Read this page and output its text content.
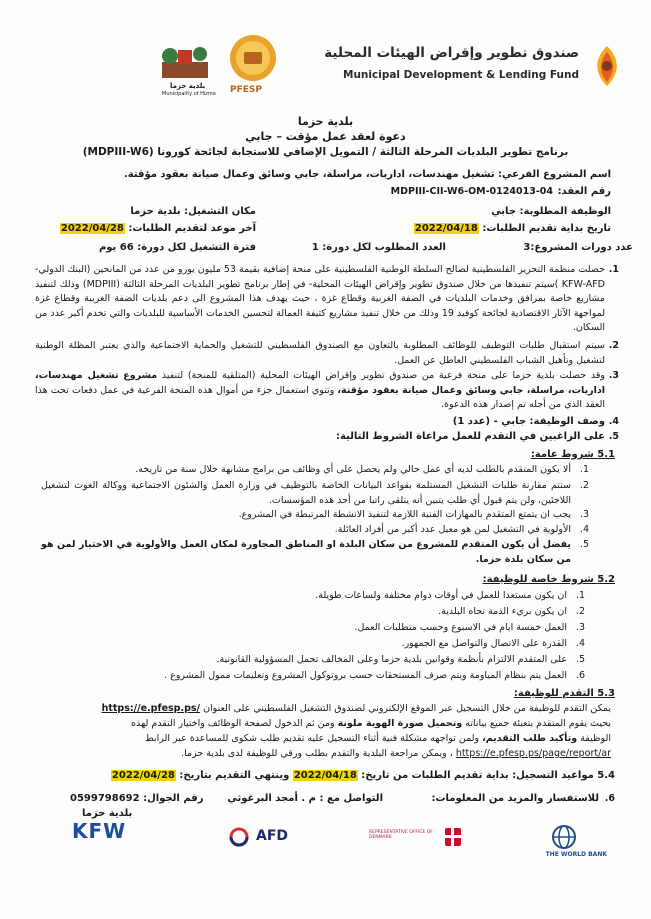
صندوق تطوير وإقراض الهيئات المحلية
Municipal Development & Lending Fund
PFESP
بلدية حزما
Municipality of Hizma
بلدية حزما
دعوة لعقد عمل مؤقت – جابي
برنامج تطوير البلديات المرحلة الثالثة / التمويل الإضافي للاستجابة لجائحة كورونا (MDPIII-W6)
اسم المشروع الفرعي: تشغيل مهندسات، اداريات، مراسلة، جابي وسائق وعمال صيانة بعقود مؤقتة.
رقم العقد:
MDPIII-CII-W6-OM-0124013-04
الوظيفة المطلوبة: جابي
مكان التشغيل: بلدية حزما
تاريخ بداية تقديم الطلبات: 2022/04/18
آخر موعد لتقديم الطلبات: 2022/04/28
عدد دورات المشروع:3
العدد المطلوب لكل دورة: 1
فترة التشغيل لكل دورة: 66 يوم
1.

حصلت منظمة التحرير الفلسطينية لصالح السلطة الوطنية الفلسطينية على منحة إضافية بقيمة 53 مليون يورو من عدد من المانحين (البنك الدولي- KFW-AFD )سيتم تنفيذها من خلال صندوق تطوير وإقراض الهيئات المحلية- في إطار برنامج تطوير البلديات المرحلة الثالثة (MDPIII) وذلك لتنفيذ مشاريع خاصة بمرافق وخدمات البلديات في الضفة الغربية وقطاع غزة ، حيث يهدف هذا المشروع الى دعم بلديات الضفة الغربية وقطاع غزة لمواجهة الآثار الاقتصادية لجائحة كوفيد 19 وذلك من خلال تنفيذ مشاريع كثيفة العمالة لتحسين الخدمات الأساسية للبلديات والتي تخدم أكبر عدد من السكان.

2.

سيتم استقبال طلبات التوظيف للوظائف المطلوبة بالتعاون مع الصندوق الفلسطيني للتشغيل والحماية الاجتماعية والذي يعتبر المظلة الوطنية لتشغيل وتأهيل الشباب الفلسطيني العاطل عن العمل.

3.

وقد حصلت بلدية حزما على منحة فرعية من صندوق تطوير وإقراض الهيئات المحلية (المتلقية للمنحة) لتنفيذ مشروع تشغيل مهندسات، اداريات، مراسلة، جابي وسائق وعمال صيانة بعقود مؤقتة، وتنوي استعمال جزء من أموال هذه المنحة الفرعية في عمل دفعات تحت هذا العقد الذي من أجله تم إصدار هذه الدعوة.

4.
وصف الوظيفة: جابي - (عدد 1)
5.
على الراغبين في التقدم للعمل مراعاة الشروط التالية:
5.1 شروط عامة:
1.
ألا يكون المتقدم بالطلب لديه أي عمل حالي ولم يحصل على أي وظائف من برامج مشابهة خلال سنة من تاريخه.
2.

ستتم مقارنة طلبات التشغيل المستلمة بقواعد البيانات الخاصة بالتوظيف في وزارة العمل والشئون الاجتماعية ووكالة الغوث لتشغيل اللاجئين، ولن يتم قبول أي طلب يتبين أنه يتلقى راتبا من أحد هذه المؤسسات.

3.
يجب ان يتمتع المتقدم بالمهارات الفنية اللازمة لتنفيذ الانشطة المرتبطة في المشروع.
4.
الأولوية في التشغيل لمن هو معيل عدد أكبر من أفراد العائلة.
5.

يفضل أن يكون المتقدم للمشروع من سكان البلدة او المناطق المجاورة لمكان العمل والأولوية في الاختيار لمن هو من سكان بلدة حزما.

5.2 شروط خاصة للوظيفة:
1.
ان يكون مستعدا للعمل في أوقات دوام مختلفة ولساعات طويلة.
2.
ان يكون بريء الذمة تجاه البلدية.
3.
العمل خمسة ايام في الاسبوع وحسب متطلبات العمل.
4.
القدرة على الاتصال والتواصل مع الجمهور.
5.
على المتقدم الالتزام بأنظمة وقوانين بلدية حزما وعلى المخالف تحمل المسؤولية القانونية.
6.
العمل يتم بنظام المياومة ويتم صرف المستحقات حسب بروتوكول المشروع وتعليمات ممول المشروع .
5.3 التقدم للوظيفة:
يمكن التقدم للوظيفة من خلال التسجيل عبر الموقع الإلكتروني لصندوق التشغيل الفلسطيني على العنوان https://e.pfesp.ps/
بحيث يقوم المتقدم بتعبئة جميع بياناته وتحميل صورة الهوية ملونة ومن ثم الدخول لصفحة الوظائف واختيار التقدم لهذه
الوظيفة وتأكيد طلب التقديم، ولمن تواجهه مشكلة فنية أثناء التسجيل عليه تقديم طلب شكوى للمساعدة عبر الرابط
https://e.pfesp.ps/page/report/ar ، ويمكن مراجعة البلدية والتقدم بطلب ورقي للوظيفة لدى بلدية حزما.
5.4 مواعيد التسجيل: بداية تقديم الطلبات من تاريخ: 2022/04/18 وينتهي التقديم بتاريخ: 2022/04/28
6.
للاستفسار والمزيد من المعلومات:
التواصل مع : م . أمجد البرغوثي
رقم الجوال: 0599798692
بلدية حزما
THE WORLD BANK
REPRESENTATIVE OFFICE OF DENMARK
AFD
KFW
